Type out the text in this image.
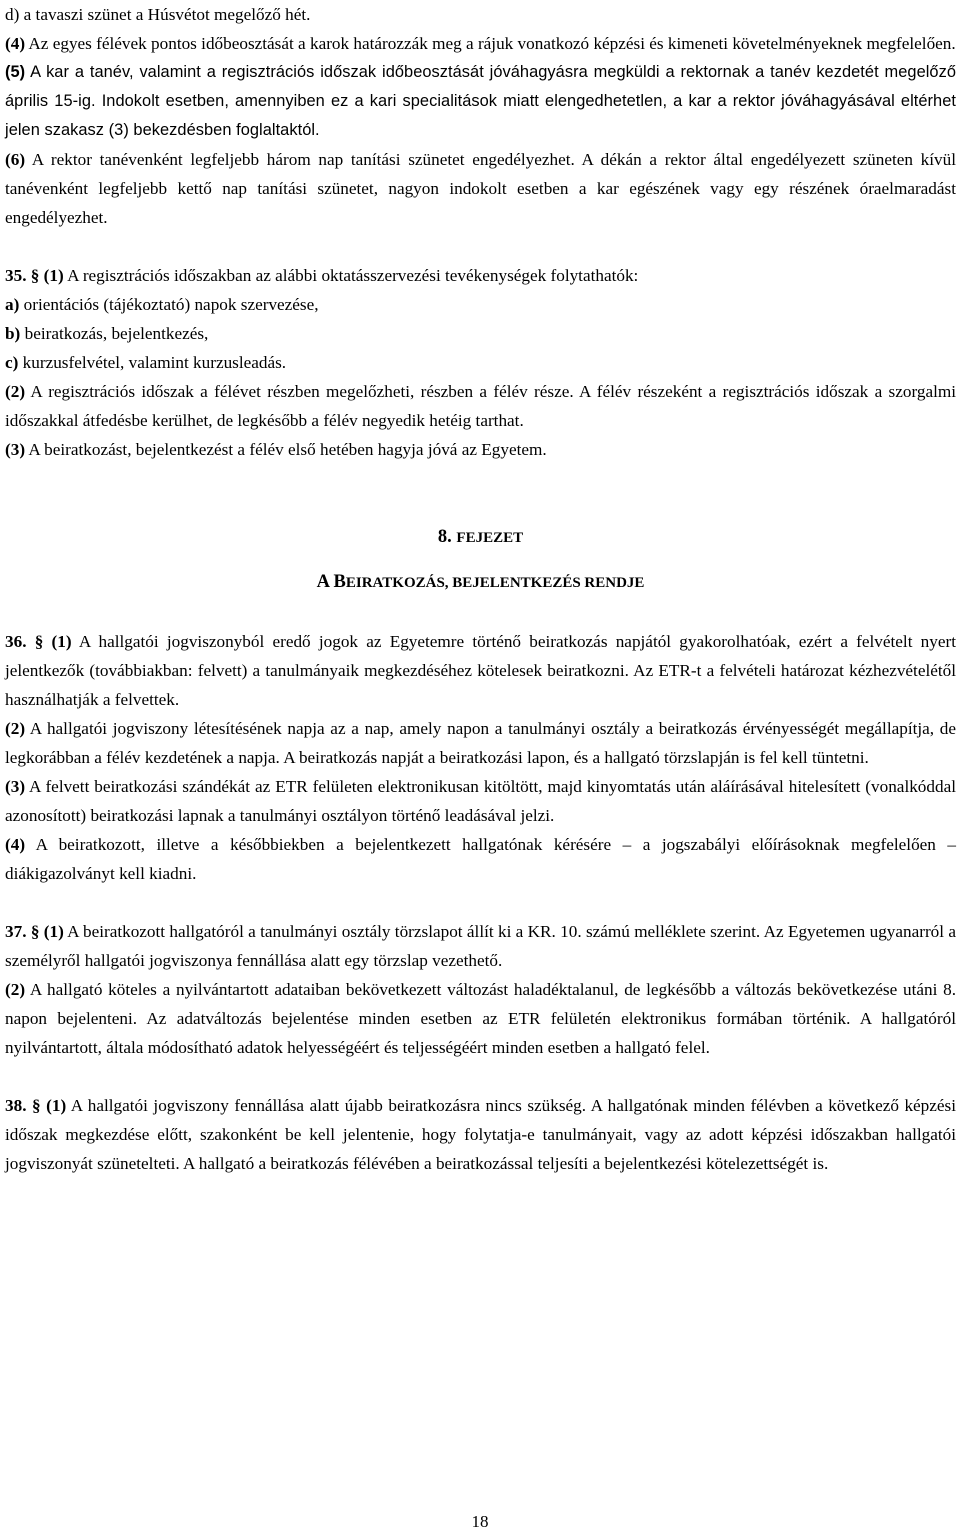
d) a tavaszi szünet a Húsvétot megelőző hét.

(4) Az egyes félévek pontos időbeosztását a karok határozzák meg a rájuk vonatkozó képzési és kimeneti követelményeknek megfelelően.

(5) A kar a tanév, valamint a regisztrációs időszak időbeosztását jóváhagyásra megküldi a rektornak a tanév kezdetét megelőző április 15-ig. Indokolt esetben, amennyiben ez a kari specialitások miatt elengedhetetlen, a kar a rektor jóváhagyásával eltérhet jelen szakasz (3) bekezdésben foglaltaktól.

(6) A rektor tanévenként legfeljebb három nap tanítási szünetet engedélyezhet. A dékán a rektor által engedélyezett szüneten kívül tanévenként legfeljebb kettő nap tanítási szünetet, nagyon indokolt esetben a kar egészének vagy egy részének óraelmaradást engedélyezhet.

35. § (1) A regisztrációs időszakban az alábbi oktatásszervezési tevékenységek folytathatók:

a) orientációs (tájékoztató) napok szervezése,

b) beiratkozás, bejelentkezés,

c) kurzusfelvétel, valamint kurzusleadás.

(2) A regisztrációs időszak a félévet részben megelőzheti, részben a félév része. A félév részeként a regisztrációs időszak a szorgalmi időszakkal átfedésbe kerülhet, de legkésőbb a félév negyedik hetéig tarthat.

(3) A beiratkozást, bejelentkezést a félév első hetében hagyja jóvá az Egyetem.

8. FEJEZET
A BEIRATKOZÁS, BEJELENTKEZÉS RENDJE

36. § (1) A hallgatói jogviszonyból eredő jogok az Egyetemre történő beiratkozás napjától gyakorolhatóak, ezért a felvételt nyert jelentkezők (továbbiakban: felvett) a tanulmányaik megkezdéséhez kötelesek beiratkozni. Az ETR-t a felvételi határozat kézhezvételétől használhatják a felvettek.

(2) A hallgatói jogviszony létesítésének napja az a nap, amely napon a tanulmányi osztály a beiratkozás érvényességét megállapítja, de legkorábban a félév kezdetének a napja. A beiratkozás napját a beiratkozási lapon, és a hallgató törzslapján is fel kell tüntetni.

(3) A felvett beiratkozási szándékát az ETR felületen elektronikusan kitöltött, majd kinyomtatás után aláírásával hitelesített (vonalkóddal azonosított) beiratkozási lapnak a tanulmányi osztályon történő leadásával jelzi.

(4) A beiratkozott, illetve a későbbiekben a bejelentkezett hallgatónak kérésére – a jogszabályi előírásoknak megfelelően – diákigazolványt kell kiadni.

37. § (1) A beiratkozott hallgatóról a tanulmányi osztály törzslapot állít ki a KR. 10. számú melléklete szerint. Az Egyetemen ugyanarról a személyről hallgatói jogviszonya fennállása alatt egy törzslap vezethető.

(2) A hallgató köteles a nyilvántartott adataiban bekövetkezett változást haladéktalanul, de legkésőbb a változás bekövetkezése utáni 8. napon bejelenteni. Az adatváltozás bejelentése minden esetben az ETR felületén elektronikus formában történik. A hallgatóról nyilvántartott, általa módosítható adatok helyességéért és teljességéért minden esetben a hallgató felel.

38. § (1) A hallgatói jogviszony fennállása alatt újabb beiratkozásra nincs szükség. A hallgatónak minden félévben a következő képzési időszak megkezdése előtt, szakonként be kell jelentenie, hogy folytatja-e tanulmányait, vagy az adott képzési időszakban hallgatói jogviszonyát szünetelteti. A hallgató a beiratkozás félévében a beiratkozással teljesíti a bejelentkezési kötelezettségét is.

18
